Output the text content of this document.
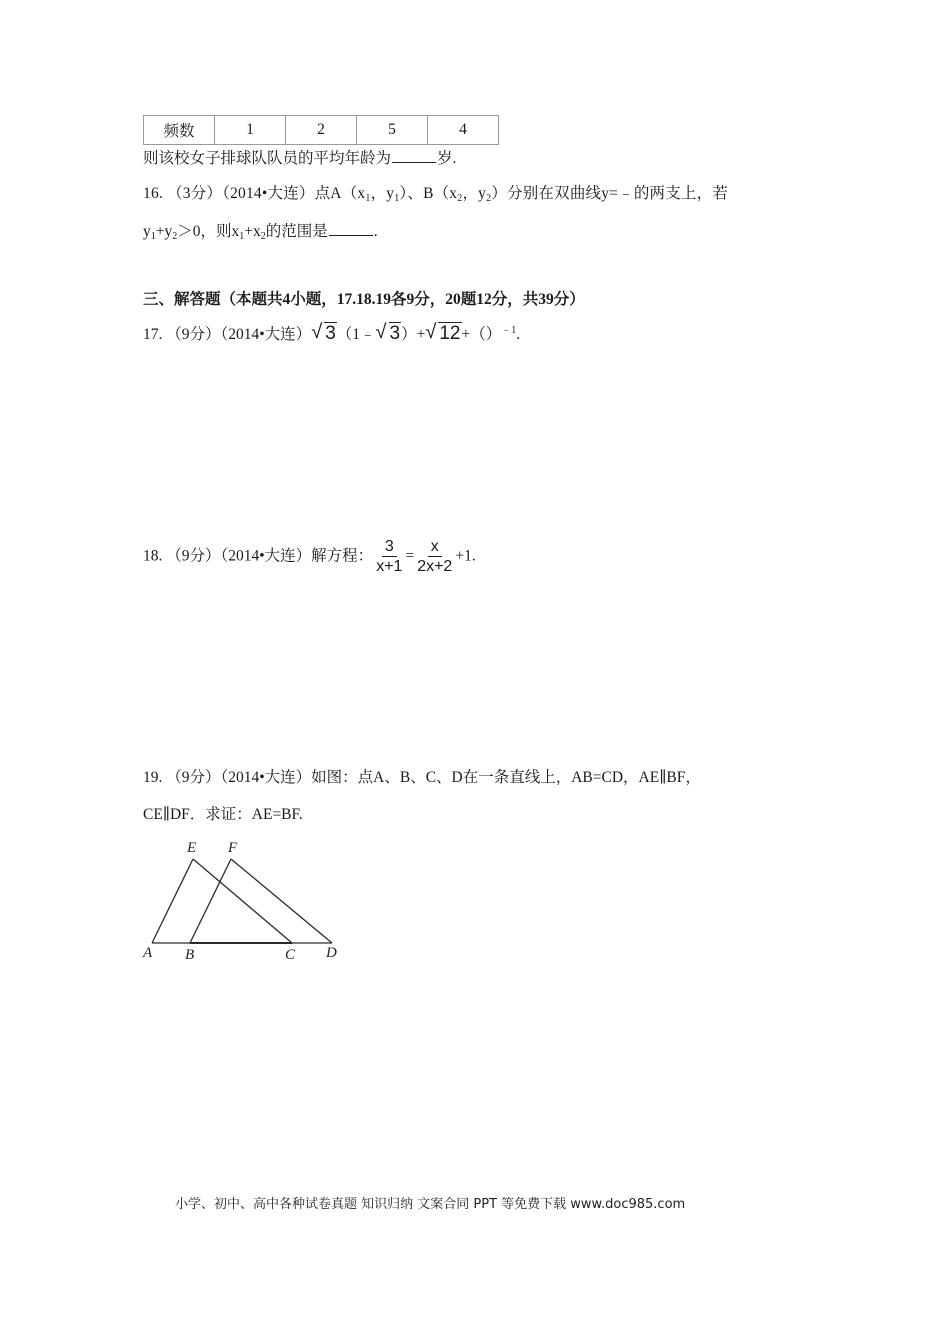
频数	1	2	5	4
则该校女子排球队队员的平均年龄为	岁.
16. （3分）（2014•大连）点$A(x_1$，$y_1$）、$B(x_2$，$y_2$）分别在双曲线y=﹣的两支上，若
$y_1+y_2>0$，则$x_1+x_2$的范围是	.
三、解答题（本题共4小题，17.18.19各9分，20题12分，共39分）
17. （9分）（2014•大连） √ 3（1﹣ √ 3）+ √ 12+（）$^{﹣1}$.
18. （9分）（2014•大连）解方程： $\frac{3}{x+1} = \frac{x}{2x+2} +1$.
19. （9分）（2014•大连）如图：点A、B、C、D在一条直线上，AB=CD，AE∥BF，
CE∥DF．求证：AE=BF.
E F
A B	C D
小学、初中、高中各种试卷真题 知识归纳 文案合同 PPT 等免费下载 www.doc985.com
